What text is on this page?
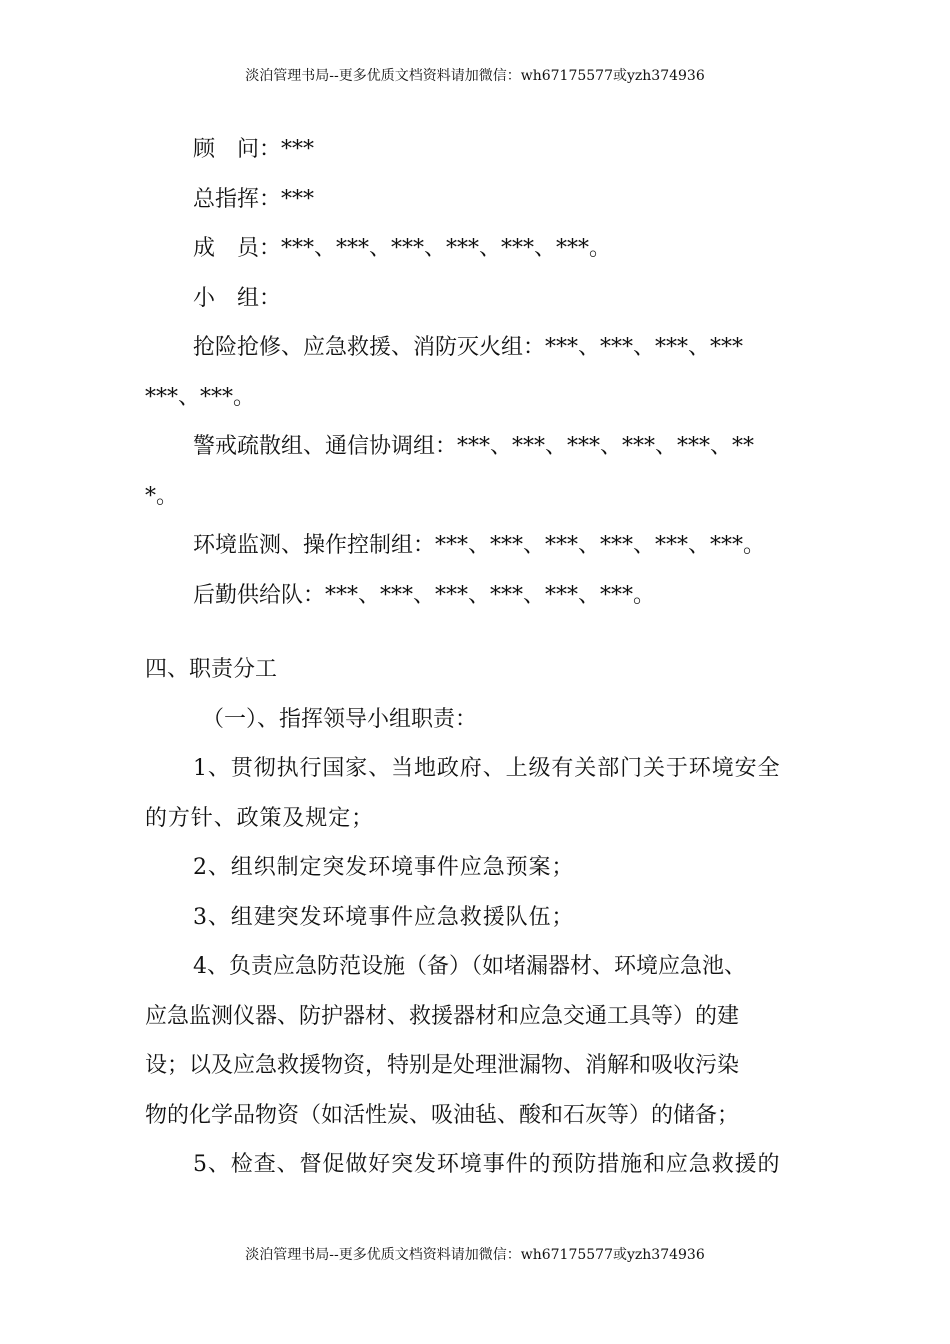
淡泊管理书局--更多优质文档资料请加微信：wh67175577或yzh374936
顾　问：***
总指挥：***
成　员：***、***、***、***、***、***。
小　组：
抢险抢修、应急救援、消防灭火组：***、***、***、***
***、***。
警戒疏散组、通信协调组：***、***、***、***、***、**
*。
环境监测、操作控制组：***、***、***、***、***、***。
后勤供给队：***、***、***、***、***、***。
四、职责分工
（一）、指挥领导小组职责：
1、贯彻执行国家、当地政府、上级有关部门关于环境安全
的方针、政策及规定；
2、组织制定突发环境事件应急预案；
3、组建突发环境事件应急救援队伍；
4、负责应急防范设施（备）（如堵漏器材、环境应急池、
应急监测仪器、防护器材、救援器材和应急交通工具等）的建
设；以及应急救援物资，特别是处理泄漏物、消解和吸收污染
物的化学品物资（如活性炭、吸油毡、酸和石灰等）的储备；
5、检查、督促做好突发环境事件的预防措施和应急救援的
淡泊管理书局--更多优质文档资料请加微信：wh67175577或yzh374936
